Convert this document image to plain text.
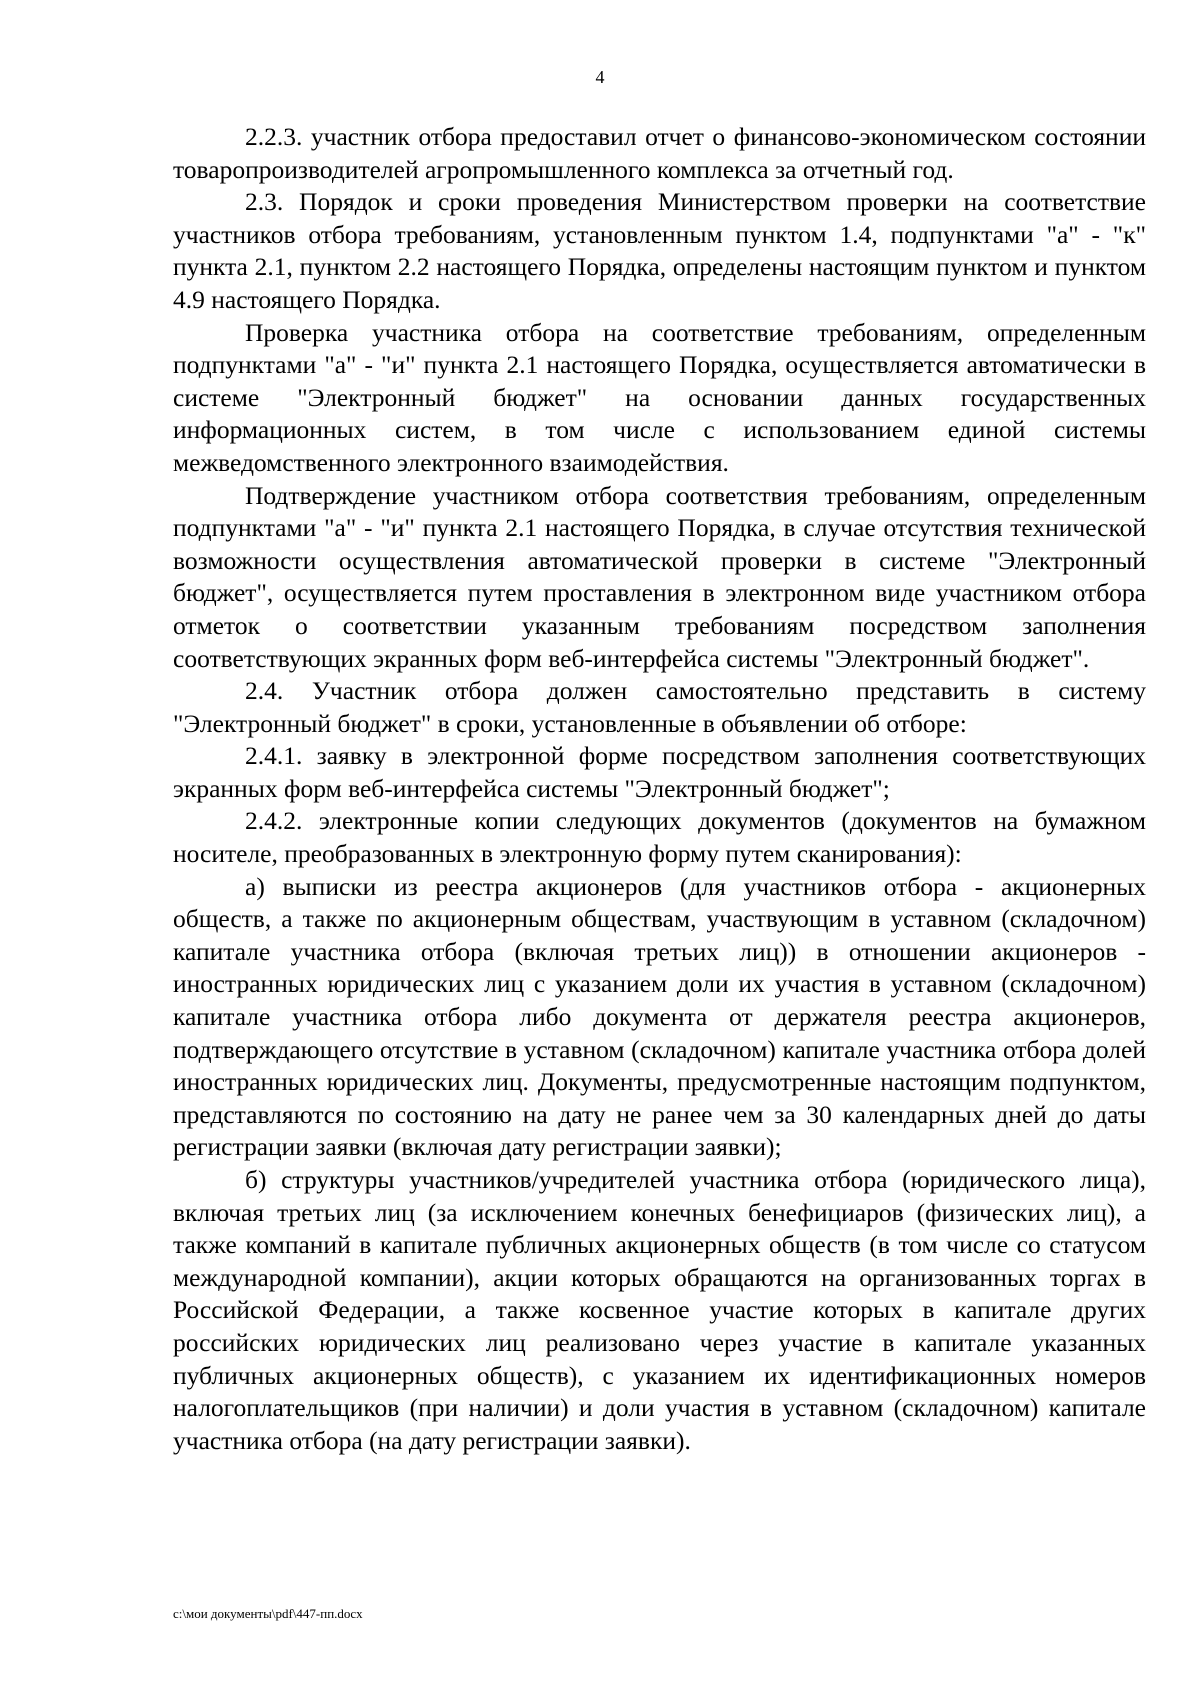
4

2.2.3. участник отбора предоставил отчет о финансово-экономическом состоянии товаропроизводителей агропромышленного комплекса за отчетный год.

2.3. Порядок и сроки проведения Министерством проверки на соответствие участников отбора требованиям, установленным пунктом 1.4, подпунктами "а" - "к" пункта 2.1, пунктом 2.2 настоящего Порядка, определены настоящим пунктом и пунктом 4.9 настоящего Порядка.

Проверка участника отбора на соответствие требованиям, определенным подпунктами "а" - "и" пункта 2.1 настоящего Порядка, осуществляется автоматически в системе "Электронный бюджет" на основании данных государственных информационных систем, в том числе с использованием единой системы межведомственного электронного взаимодействия.

Подтверждение участником отбора соответствия требованиям, определенным подпунктами "а" - "и" пункта 2.1 настоящего Порядка, в случае отсутствия технической возможности осуществления автоматической проверки в системе "Электронный бюджет", осуществляется путем проставления в электронном виде участником отбора отметок о соответствии указанным требованиям посредством заполнения соответствующих экранных форм веб-интерфейса системы "Электронный бюджет".

2.4. Участник отбора должен самостоятельно представить в систему "Электронный бюджет" в сроки, установленные в объявлении об отборе:

2.4.1. заявку в электронной форме посредством заполнения соответствующих экранных форм веб-интерфейса системы "Электронный бюджет";

2.4.2. электронные копии следующих документов (документов на бумажном носителе, преобразованных в электронную форму путем сканирования):

а) выписки из реестра акционеров (для участников отбора - акционерных обществ, а также по акционерным обществам, участвующим в уставном (складочном) капитале участника отбора (включая третьих лиц)) в отношении акционеров - иностранных юридических лиц с указанием доли их участия в уставном (складочном) капитале участника отбора либо документа от держателя реестра акционеров, подтверждающего отсутствие в уставном (складочном) капитале участника отбора долей иностранных юридических лиц. Документы, предусмотренные настоящим подпунктом, представляются по состоянию на дату не ранее чем за 30 календарных дней до даты регистрации заявки (включая дату регистрации заявки);

б) структуры участников/учредителей участника отбора (юридического лица), включая третьих лиц (за исключением конечных бенефициаров (физических лиц), а также компаний в капитале публичных акционерных обществ (в том числе со статусом международной компании), акции которых обращаются на организованных торгах в Российской Федерации, а также косвенное участие которых в капитале других российских юридических лиц реализовано через участие в капитале указанных публичных акционерных обществ), с указанием их идентификационных номеров налогоплательщиков (при наличии) и доли участия в уставном (складочном) капитале участника отбора (на дату регистрации заявки).

c:\мои документы\pdf\447-пп.docx
